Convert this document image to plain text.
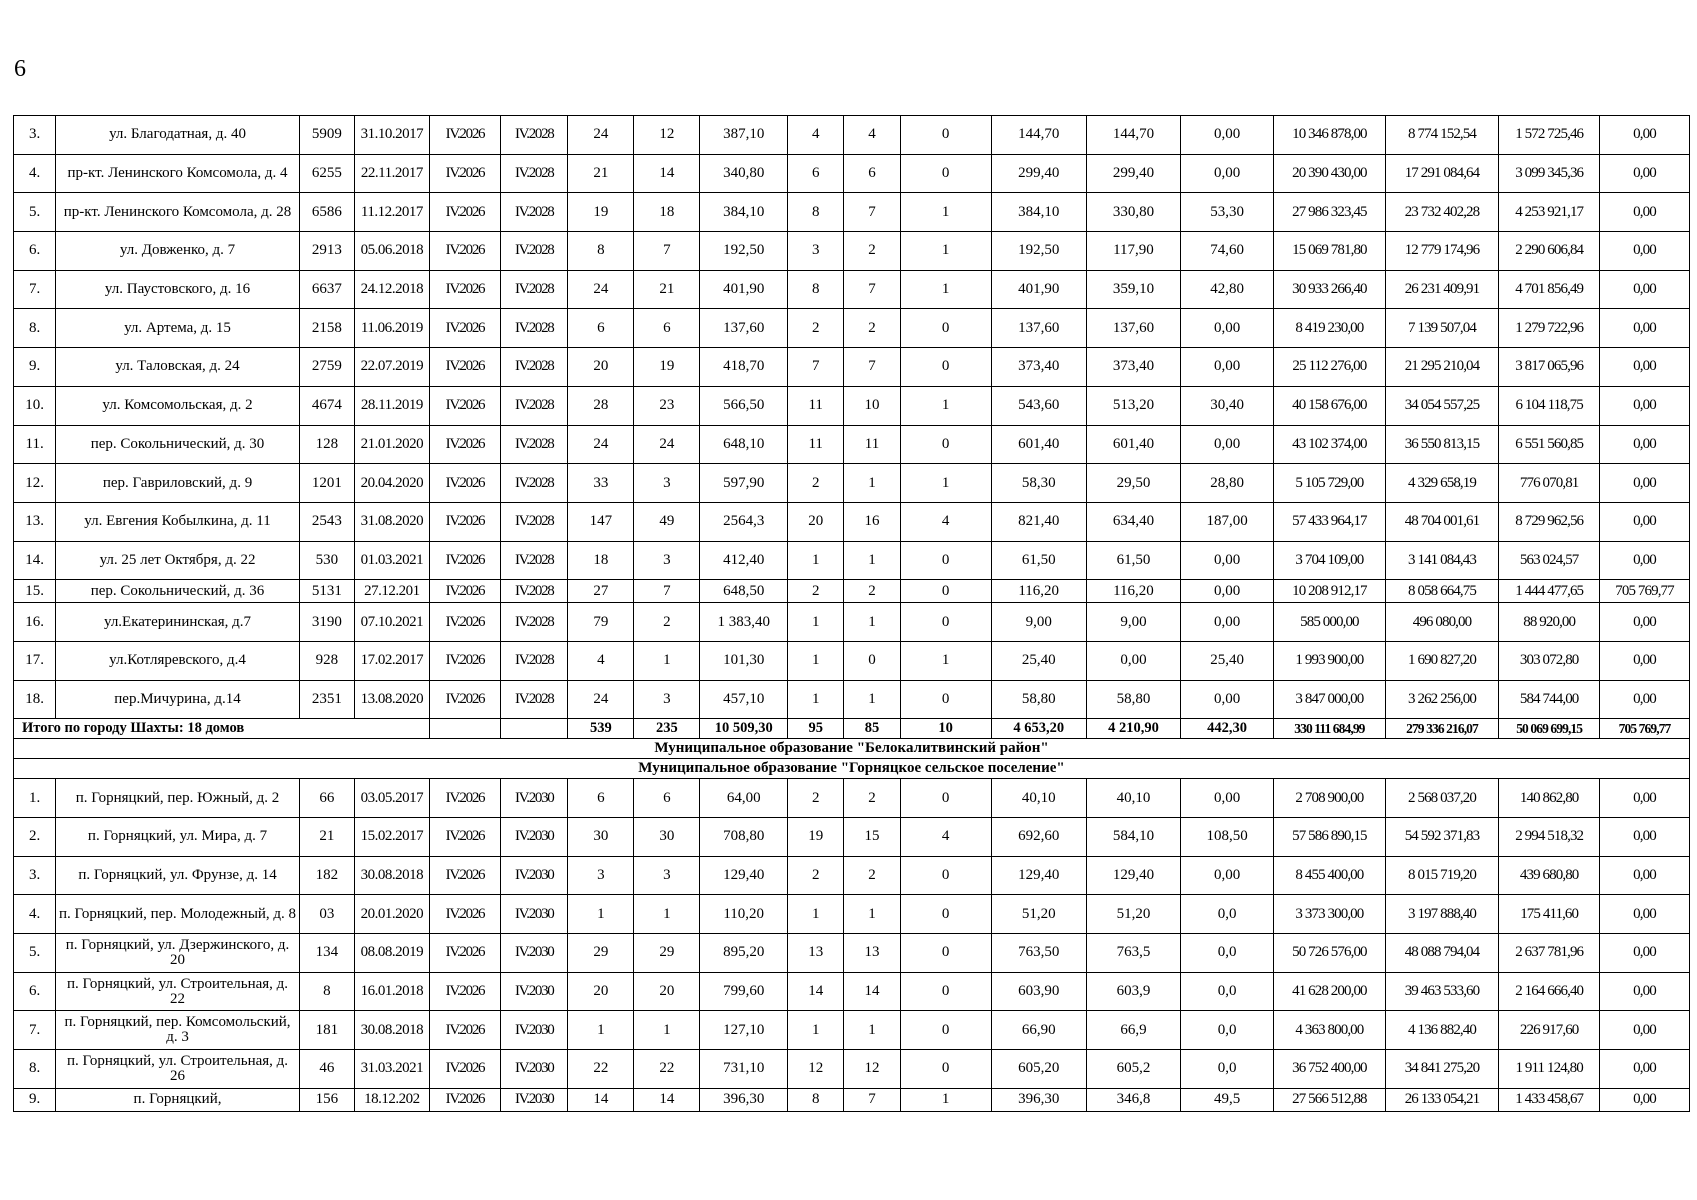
6
3.	ул. Благодатная, д. 40	5909	31.10.2017	IV.2026	IV.2028	24	12	387,10	4	4	0	144,70	144,70	0,00	10 346 878,00	8 774 152,54	1 572 725,46	0,00
4.	пр-кт. Ленинского Комсомола, д. 4	6255	22.11.2017	IV.2026	IV.2028	21	14	340,80	6	6	0	299,40	299,40	0,00	20 390 430,00	17 291 084,64	3 099 345,36	0,00
5.	пр-кт. Ленинского Комсомола, д. 28	6586	11.12.2017	IV.2026	IV.2028	19	18	384,10	8	7	1	384,10	330,80	53,30	27 986 323,45	23 732 402,28	4 253 921,17	0,00
6.	ул. Довженко, д. 7	2913	05.06.2018	IV.2026	IV.2028	8	7	192,50	3	2	1	192,50	117,90	74,60	15 069 781,80	12 779 174,96	2 290 606,84	0,00
7.	ул. Паустовского, д. 16	6637	24.12.2018	IV.2026	IV.2028	24	21	401,90	8	7	1	401,90	359,10	42,80	30 933 266,40	26 231 409,91	4 701 856,49	0,00
8.	ул. Артема, д. 15	2158	11.06.2019	IV.2026	IV.2028	6	6	137,60	2	2	0	137,60	137,60	0,00	8 419 230,00	7 139 507,04	1 279 722,96	0,00
9.	ул. Таловская, д. 24	2759	22.07.2019	IV.2026	IV.2028	20	19	418,70	7	7	0	373,40	373,40	0,00	25 112 276,00	21 295 210,04	3 817 065,96	0,00
10.	ул. Комсомольская, д. 2	4674	28.11.2019	IV.2026	IV.2028	28	23	566,50	11	10	1	543,60	513,20	30,40	40 158 676,00	34 054 557,25	6 104 118,75	0,00
11.	пер. Сокольнический, д. 30	128	21.01.2020	IV.2026	IV.2028	24	24	648,10	11	11	0	601,40	601,40	0,00	43 102 374,00	36 550 813,15	6 551 560,85	0,00
12.	пер. Гавриловский, д. 9	1201	20.04.2020	IV.2026	IV.2028	33	3	597,90	2	1	1	58,30	29,50	28,80	5 105 729,00	4 329 658,19	776 070,81	0,00
13.	ул. Евгения Кобылкина, д. 11	2543	31.08.2020	IV.2026	IV.2028	147	49	2564,3	20	16	4	821,40	634,40	187,00	57 433 964,17	48 704 001,61	8 729 962,56	0,00
14.	ул. 25 лет Октября, д. 22	530	01.03.2021	IV.2026	IV.2028	18	3	412,40	1	1	0	61,50	61,50	0,00	3 704 109,00	3 141 084,43	563 024,57	0,00
15.	пер. Сокольнический, д. 36	5131	27.12.201	IV.2026	IV.2028	27	7	648,50	2	2	0	116,20	116,20	0,00	10 208 912,17	8 058 664,75	1 444 477,65	705 769,77
16.	ул.Екатерининская, д.7	3190	07.10.2021	IV.2026	IV.2028	79	2	1 383,40	1	1	0	9,00	9,00	0,00	585 000,00	496 080,00	88 920,00	0,00
17.	ул.Котляревского, д.4	928	17.02.2017	IV.2026	IV.2028	4	1	101,30	1	0	1	25,40	0,00	25,40	1 993 900,00	1 690 827,20	303 072,80	0,00
18.	пер.Мичурина, д.14	2351	13.08.2020	IV.2026	IV.2028	24	3	457,10	1	1	0	58,80	58,80	0,00	3 847 000,00	3 262 256,00	584 744,00	0,00
Итого по городу Шахты: 18 домов						539	235	10 509,30	95	85	10	4 653,20	4 210,90	442,30	330 111 684,99	279 336 216,07	50 069 699,15	705 769,77
Муниципальное образование "Белокалитвинский район"																		
Муниципальное образование "Горняцкое сельское поселение"																		
1.	п. Горняцкий, пер. Южный, д. 2	66	03.05.2017	IV.2026	IV.2030	6	6	64,00	2	2	0	40,10	40,10	0,00	2 708 900,00	2 568 037,20	140 862,80	0,00
2.	п. Горняцкий, ул. Мира, д. 7	21	15.02.2017	IV.2026	IV.2030	30	30	708,80	19	15	4	692,60	584,10	108,50	57 586 890,15	54 592 371,83	2 994 518,32	0,00
3.	п. Горняцкий, ул. Фрунзе, д. 14	182	30.08.2018	IV.2026	IV.2030	3	3	129,40	2	2	0	129,40	129,40	0,00	8 455 400,00	8 015 719,20	439 680,80	0,00
4.	п. Горняцкий, пер. Молодежный, д. 8	03	20.01.2020	IV.2026	IV.2030	1	1	110,20	1	1	0	51,20	51,20	0,0	3 373 300,00	3 197 888,40	175 411,60	0,00
5.	п. Горняцкий, ул. Дзержинского, д. 20	134	08.08.2019	IV.2026	IV.2030	29	29	895,20	13	13	0	763,50	763,5	0,0	50 726 576,00	48 088 794,04	2 637 781,96	0,00
6.	п. Горняцкий, ул. Строительная, д. 22	8	16.01.2018	IV.2026	IV.2030	20	20	799,60	14	14	0	603,90	603,9	0,0	41 628 200,00	39 463 533,60	2 164 666,40	0,00
7.	п. Горняцкий, пер. Комсомольский, д. 3	181	30.08.2018	IV.2026	IV.2030	1	1	127,10	1	1	0	66,90	66,9	0,0	4 363 800,00	4 136 882,40	226 917,60	0,00
8.	п. Горняцкий, ул. Строительная, д. 26	46	31.03.2021	IV.2026	IV.2030	22	22	731,10	12	12	0	605,20	605,2	0,0	36 752 400,00	34 841 275,20	1 911 124,80	0,00
9.	п. Горняцкий,	156	18.12.202	IV.2026	IV.2030	14	14	396,30	8	7	1	396,30	346,8	49,5	27 566 512,88	26 133 054,21	1 433 458,67	0,00
